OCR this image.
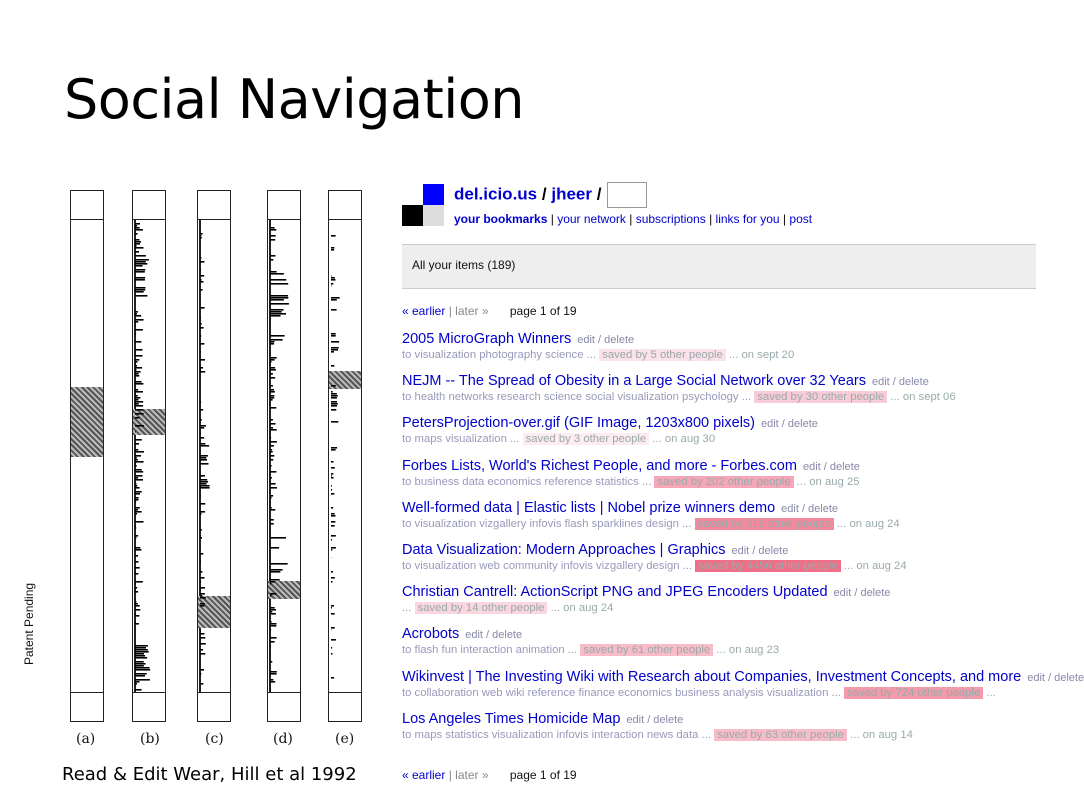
Social Navigation
Patent Pending
(a)	(b)	(c)	(d)	(e)
Read & Edit Wear, Hill et al 1992
del.icio.us / jheer /
your bookmarks | your network | subscriptions | links for you | post
All your items (189)
« earlier | later » page 1 of 19
2005 MicroGraph Winners edit / delete
to visualization photography science ... saved by 5 other people ... on sept 20
NEJM -- The Spread of Obesity in a Large Social Network over 32 Years edit / delete
to health networks research science social visualization psychology ... saved by 30 other people ... on sept 06
PetersProjection-over.gif (GIF Image, 1203x800 pixels) edit / delete
to maps visualization ... saved by 3 other people ... on aug 30
Forbes Lists, World's Richest People, and more - Forbes.com edit / delete
to business data economics reference statistics ... saved by 202 other people ... on aug 25
Well-formed data | Elastic lists | Nobel prize winners demo edit / delete
to visualization vizgallery infovis flash sparklines design ... saved by 516 other people ... on aug 24
Data Visualization: Modern Approaches | Graphics edit / delete
to visualization web community infovis vizgallery design ... saved by 4456 other people ... on aug 24
Christian Cantrell: ActionScript PNG and JPEG Encoders Updated edit / delete
... saved by 14 other people ... on aug 24
Acrobots edit / delete
to flash fun interaction animation ... saved by 61 other people ... on aug 23
Wikinvest | The Investing Wiki with Research about Companies, Investment Concepts, and more edit / delete
to collaboration web wiki reference finance economics business analysis visualization ... saved by 724 other people ...
Los Angeles Times Homicide Map edit / delete
to maps statistics visualization infovis interaction news data ... saved by 63 other people ... on aug 14
« earlier | later » page 1 of 19
